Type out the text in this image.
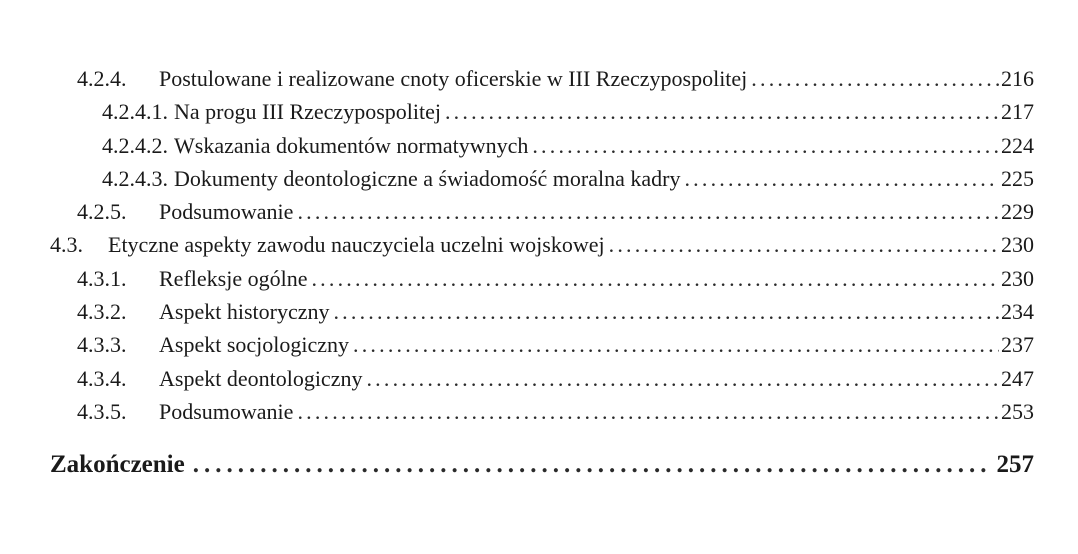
4.2.4.	Postulowane i realizowane cnoty oficerskie w III Rzeczypospolitej .....	216
4.2.4.1. Na progu III Rzeczypospolitej .....	217
4.2.4.2. Wskazania dokumentów normatywnych .....	224
4.2.4.3. Dokumenty deontologiczne a świadomość moralna kadry .....	225
4.2.5.	Podsumowanie .....	229
4.3.	Etyczne aspekty zawodu nauczyciela uczelni wojskowej .....	230
4.3.1.	Refleksje ogólne .....	230
4.3.2.	Aspekt historyczny .....	234
4.3.3.	Aspekt socjologiczny .....	237
4.3.4.	Aspekt deontologiczny .....	247
4.3.5.	Podsumowanie .....	253
Zakończenie .....	257
